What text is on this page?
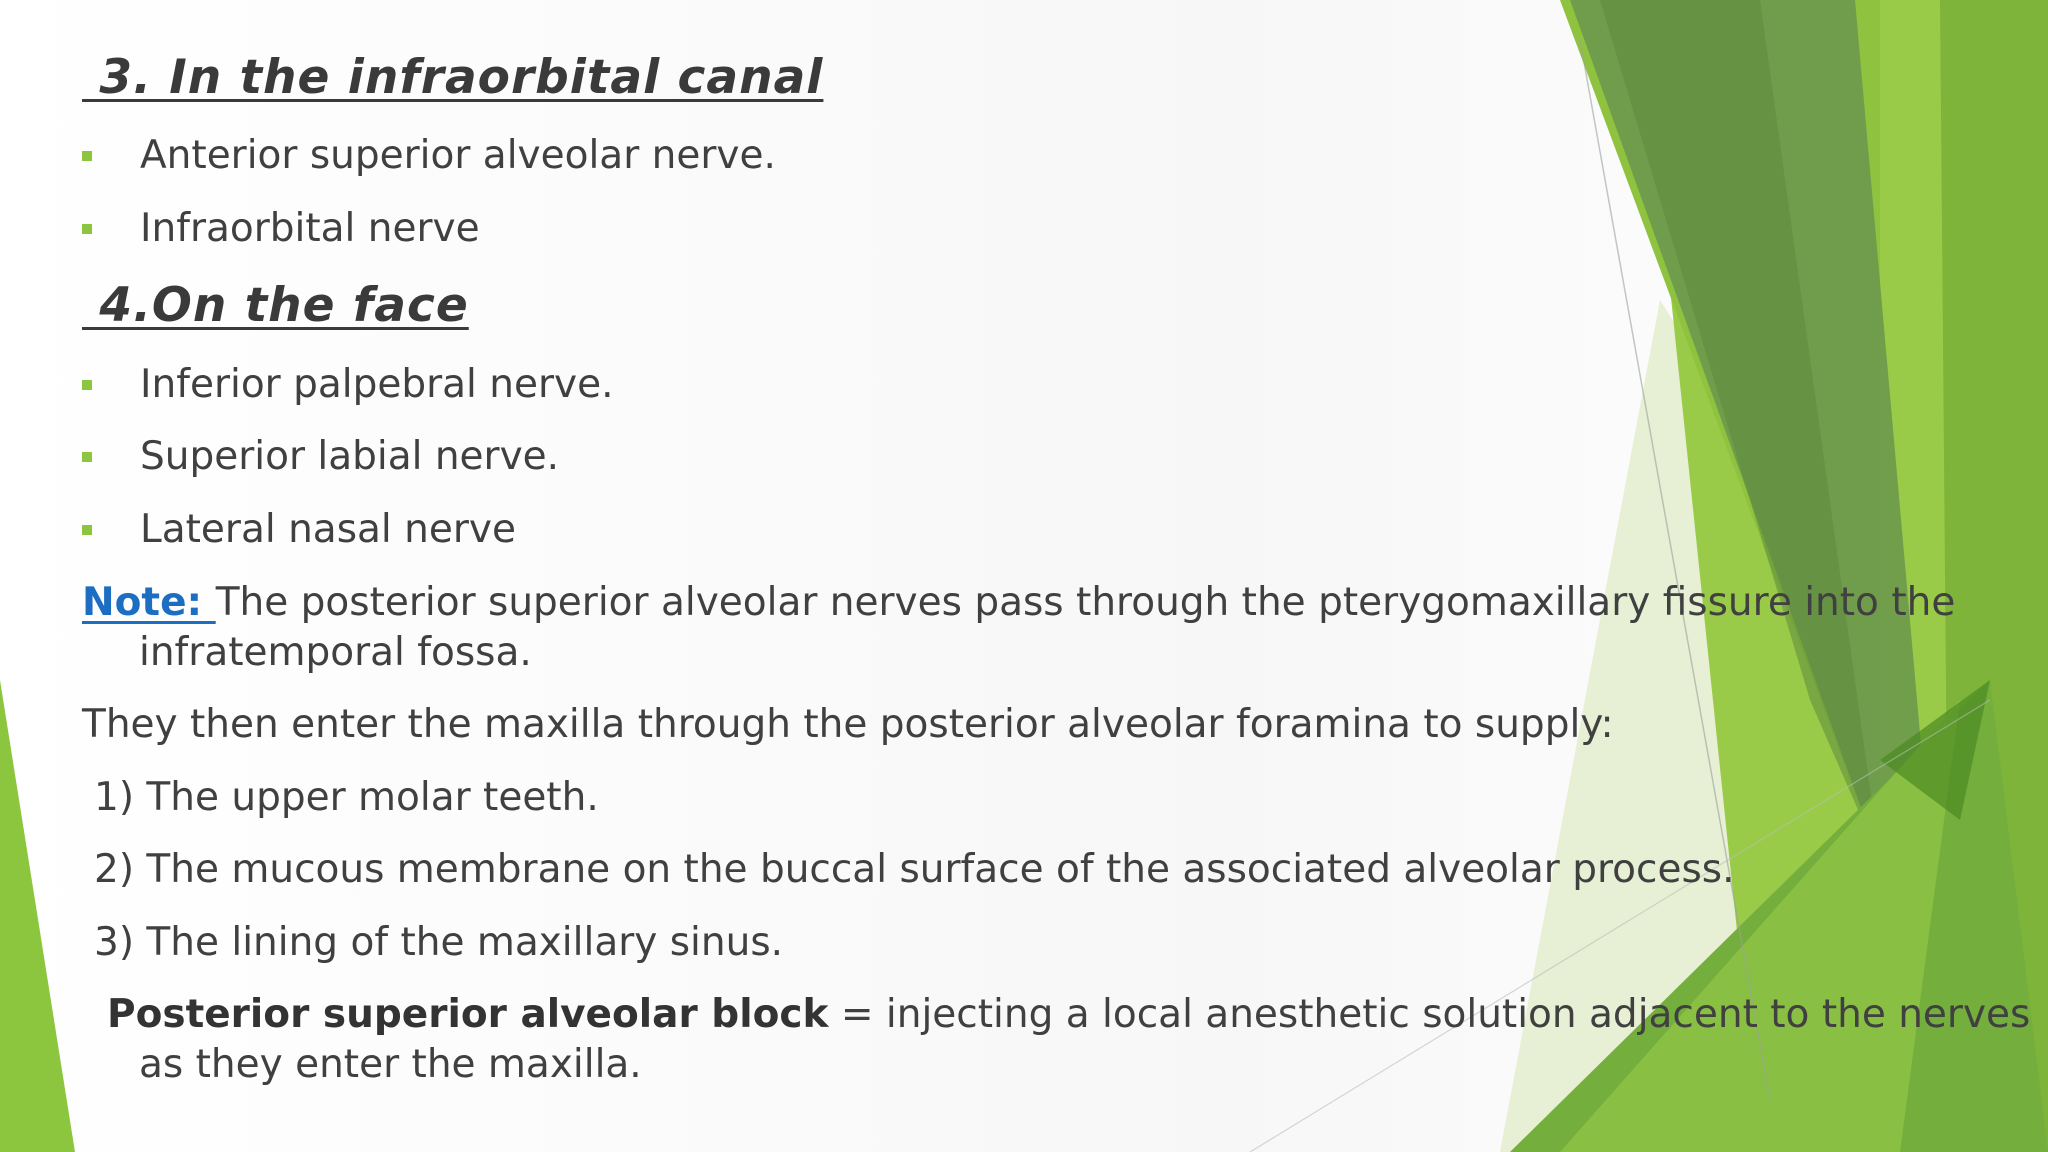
3. In the infraorbital canal
Anterior superior alveolar nerve.
Infraorbital nerve
4.On the face
Inferior palpebral nerve.
Superior labial nerve.
Lateral nasal nerve

Note: The posterior superior alveolar nerves pass through the pterygomaxillary fissure into the

infratemporal fossa.

They then enter the maxilla through the posterior alveolar foramina to supply:

1) The upper molar teeth.
2) The mucous membrane on the buccal surface of the associated alveolar process.
3) The lining of the maxillary sinus.

Posterior superior alveolar block = injecting a local anesthetic solution adjacent to the nerves

as they enter the maxilla.
